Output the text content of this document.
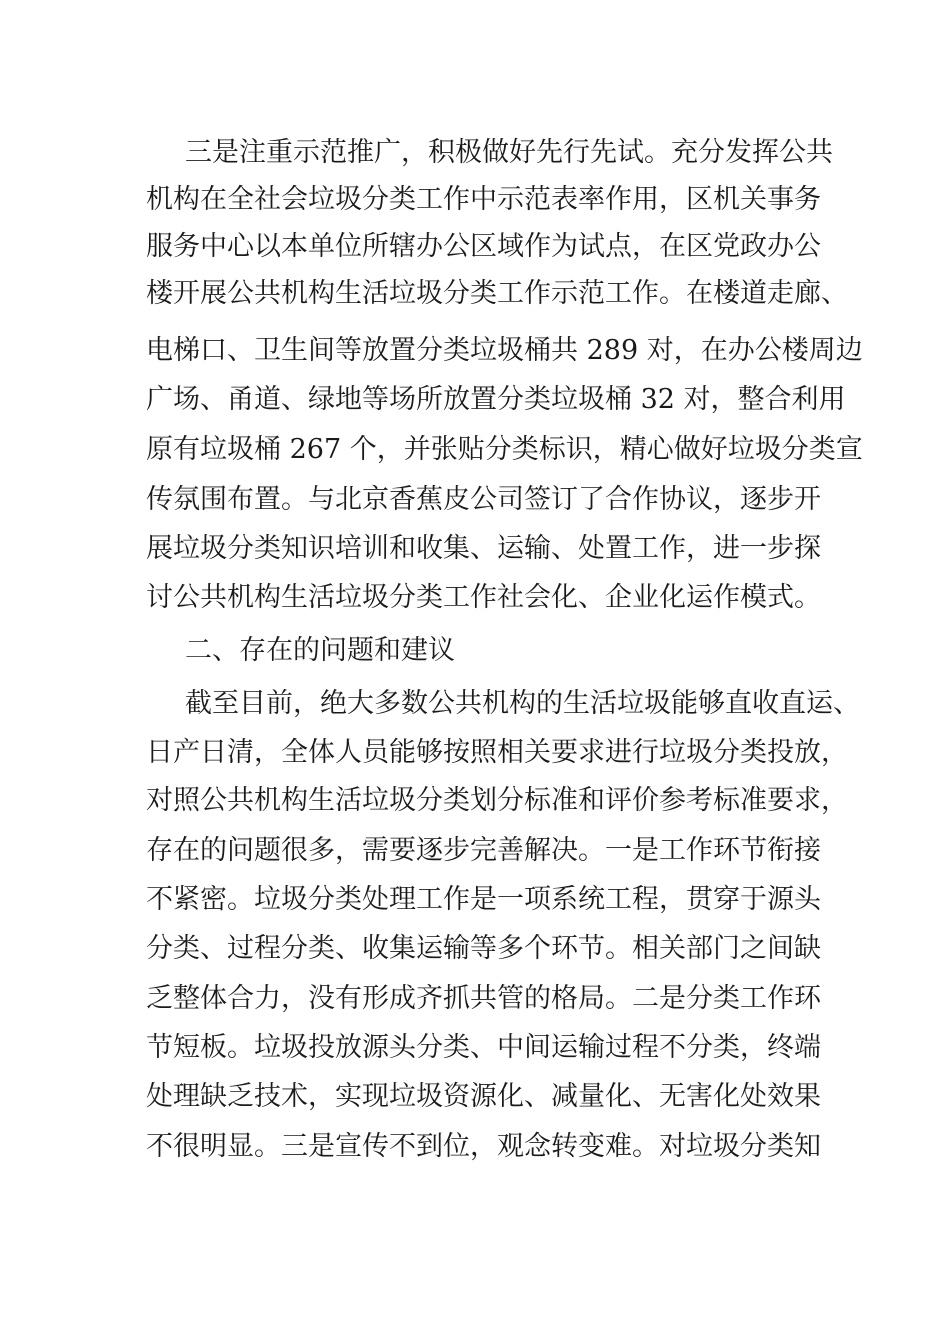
三是注重示范推广，积极做好先行先试。充分发挥公共

机构在全社会垃圾分类工作中示范表率作用，区机关事务

服务中心以本单位所辖办公区域作为试点，在区党政办公

楼开展公共机构生活垃圾分类工作示范工作。在楼道走廊、

电梯口、卫生间等放置分类垃圾桶共 289 对，在办公楼周边

广场、甬道、绿地等场所放置分类垃圾桶 32 对，整合利用

原有垃圾桶 267 个，并张贴分类标识，精心做好垃圾分类宣

传氛围布置。与北京香蕉皮公司签订了合作协议，逐步开

展垃圾分类知识培训和收集、运输、处置工作，进一步探

讨公共机构生活垃圾分类工作社会化、企业化运作模式。

二、存在的问题和建议

截至目前，绝大多数公共机构的生活垃圾能够直收直运、

日产日清，全体人员能够按照相关要求进行垃圾分类投放，

对照公共机构生活垃圾分类划分标准和评价参考标准要求，

存在的问题很多，需要逐步完善解决。一是工作环节衔接

不紧密。垃圾分类处理工作是一项系统工程，贯穿于源头

分类、过程分类、收集运输等多个环节。相关部门之间缺

乏整体合力，没有形成齐抓共管的格局。二是分类工作环

节短板。垃圾投放源头分类、中间运输过程不分类，终端

处理缺乏技术，实现垃圾资源化、减量化、无害化处效果

不很明显。三是宣传不到位，观念转变难。对垃圾分类知
